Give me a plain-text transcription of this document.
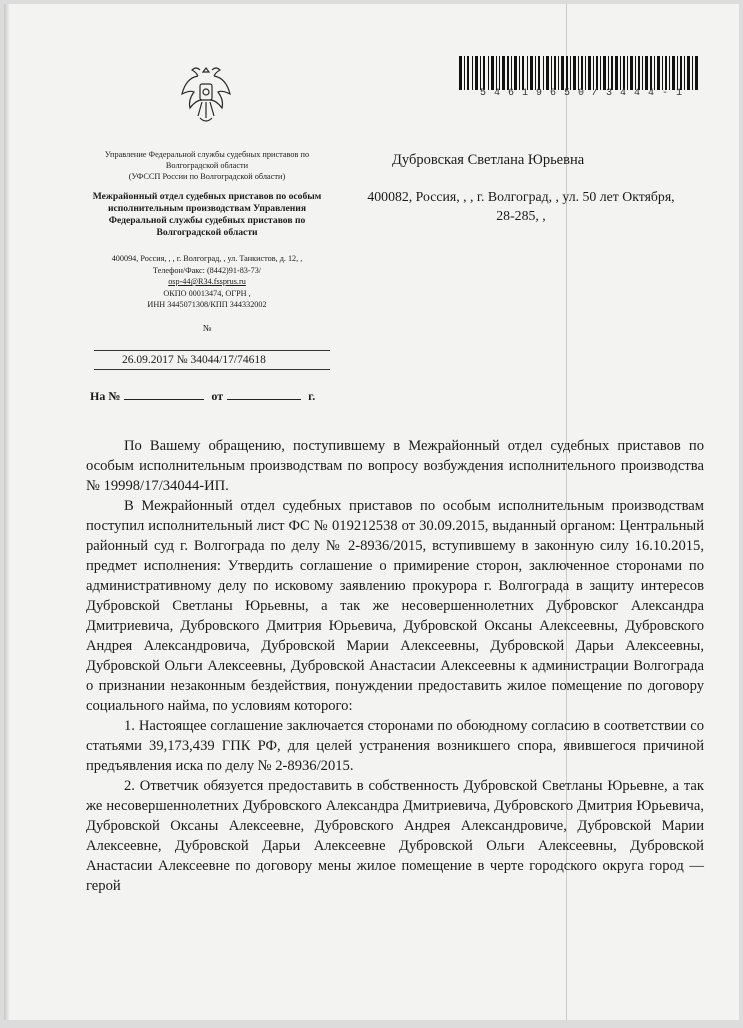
5 4 6 1 9 6 5 0 / 3 4 4 4 - 1
Управление Федеральной службы судебных приставов по Волгоградской области
(УФССП России по Волгоградской области)
Межрайонный отдел судебных приставов по особым исполнительным производствам Управления Федеральной службы судебных приставов по Волгоградской области
400094, Россия, , , г. Волгоград, , ул. Танкистов, д. 12, ,
Телефон/Факс: (8442)91-83-73/
osp-44@R34.fssprus.ru
ОКПО 00013474, ОГРН ,
ИНН 3445071308/КПП 344332002
№
26.09.2017 № 34044/17/74618
На №	от	г.
Дубровская Светлана Юрьевна
400082, Россия, , , г. Волгоград, , ул. 50 лет Октября, 28-285, ,

По Вашему обращению, поступившему в Межрайонный отдел судебных приставов по особым исполнительным производствам по вопросу возбуждения исполнительного производства № 19998/17/34044-ИП.

В Межрайонный отдел судебных приставов по особым исполнительным производствам поступил исполнительный лист ФС № 019212538 от 30.09.2015, выданный органом: Центральный районный суд г. Волгограда по делу № 2-8936/2015, вступившему в законную силу 16.10.2015, предмет исполнения: Утвердить соглашение о примирение сторон, заключенное сторонами по административному делу по исковому заявлению прокурора г. Волгограда в защиту интересов Дубровской Светланы Юрьевны, а так же несовершеннолетних Дубровског Александра Дмитриевича, Дубровского Дмитрия Юрьевича, Дубровской Оксаны Алексеевны, Дубровского Андрея Александровича, Дубровской Марии Алексеевны, Дубровской Дарьи Алексеевны, Дубровской Ольги Алексеевны, Дубровской Анастасии Алексеевны к администрации Волгограда о признании незаконным бездействия, понуждении предоставить жилое помещение по договору социального найма, по условиям которого:

1. Настоящее соглашение заключается сторонами по обоюдному согласию в соответствии со статьями 39,173,439 ГПК РФ, для целей устранения возникшего спора, явившегося причиной предъявления иска по делу № 2-8936/2015.

2. Ответчик обязуется предоставить в собственность Дубровской Светланы Юрьевне, а так же несовершеннолетних Дубровского Александра Дмитриевича, Дубровского Дмитрия Юрьевича, Дубровской Оксаны Алексеевне, Дубровского Андрея Александровиче, Дубровской Марии Алексеевне, Дубровской Дарьи Алексеевне Дубровской Ольги Алексеевны, Дубровской Анастасии Алексеевне по договору мены жилое помещение в черте городского округа город — герой
